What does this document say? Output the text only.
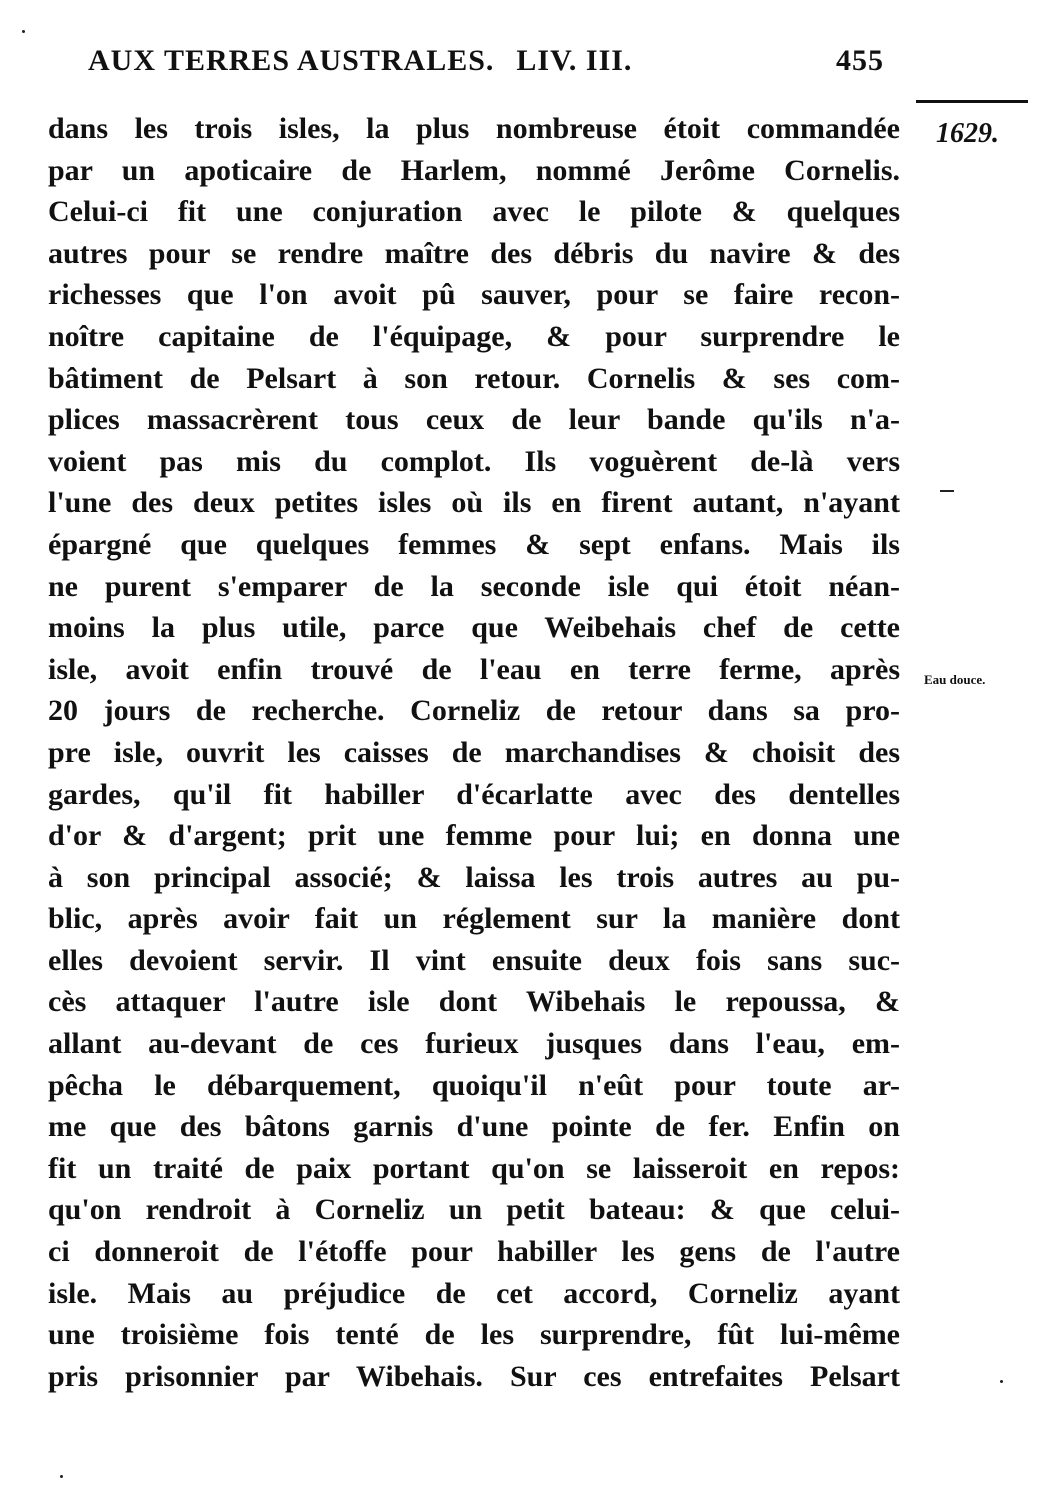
AUX TERRES AUSTRALES. LIV. III.	455
1629.
Eau douce.
dans les trois isles, la plus nombreuse étoit commandée
par un apoticaire de Harlem, nommé Jerôme Cornelis.
Celui-ci fit une conjuration avec le pilote & quelques
autres pour se rendre maître des débris du navire & des
richesses que l'on avoit pû sauver, pour se faire recon-
noître capitaine de l'équipage, & pour surprendre le
bâtiment de Pelsart à son retour. Cornelis & ses com-
plices massacrèrent tous ceux de leur bande qu'ils n'a-
voient pas mis du complot. Ils voguèrent de-là vers
l'une des deux petites isles où ils en firent autant, n'ayant
épargné que quelques femmes & sept enfans. Mais ils
ne purent s'emparer de la seconde isle qui étoit néan-
moins la plus utile, parce que Weibehais chef de cette
isle, avoit enfin trouvé de l'eau en terre ferme, après
20 jours de recherche. Corneliz de retour dans sa pro-
pre isle, ouvrit les caisses de marchandises & choisit des
gardes, qu'il fit habiller d'écarlatte avec des dentelles
d'or & d'argent; prit une femme pour lui; en donna une
à son principal associé; & laissa les trois autres au pu-
blic, après avoir fait un réglement sur la manière dont
elles devoient servir. Il vint ensuite deux fois sans suc-
cès attaquer l'autre isle dont Wibehais le repoussa, &
allant au-devant de ces furieux jusques dans l'eau, em-
pêcha le débarquement, quoiqu'il n'eût pour toute ar-
me que des bâtons garnis d'une pointe de fer. Enfin on
fit un traité de paix portant qu'on se laisseroit en repos:
qu'on rendroit à Corneliz un petit bateau: & que celui-
ci donneroit de l'étoffe pour habiller les gens de l'autre
isle. Mais au préjudice de cet accord, Corneliz ayant
une troisième fois tenté de les surprendre, fût lui-même
pris prisonnier par Wibehais. Sur ces entrefaites Pelsart
